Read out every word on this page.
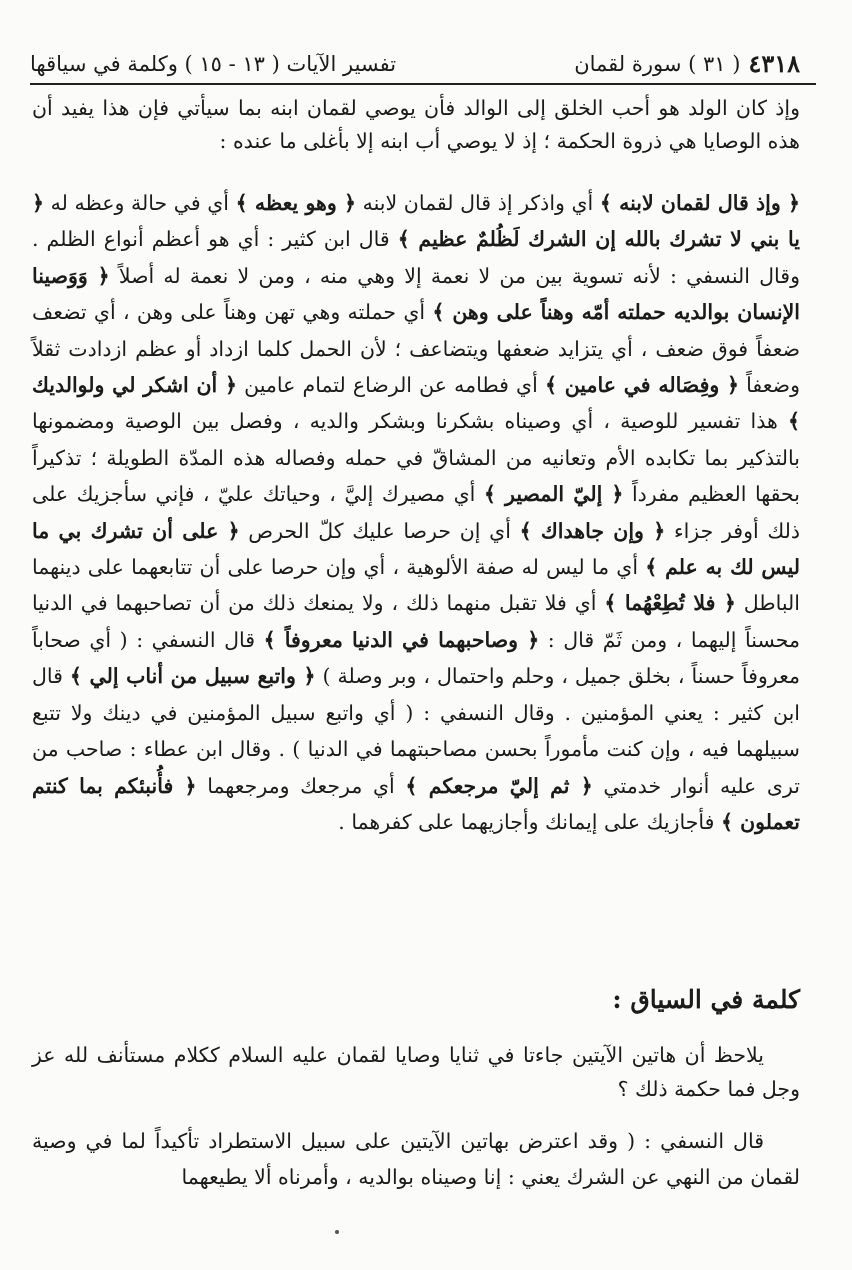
٤٣١٨
( ٣١ ) سورة لقمان
تفسير الآيات ( ١٣ - ١٥ ) وكلمة في سياقها

وإذ كان الولد هو أحب الخلق إلى الوالد فأن يوصي لقمان ابنه بما سيأتي فإن هذا يفيد أن هذه الوصايا هي ذروة الحكمة ؛ إذ لا يوصي أب ابنه إلا بأغلى ما عنده :

﴿ وإذ قال لقمان لابنه ﴾ أي واذكر إذ قال لقمان لابنه ﴿ وهو يعظه ﴾ أي في حالة وعظه له ﴿ يا بني لا تشرك بالله إن الشرك لَظُلمٌ عظيم ﴾ قال ابن كثير : أي هو أعظم أنواع الظلم . وقال النسفي : لأنه تسوية بين من لا نعمة إلا وهي منه ، ومن لا نعمة له أصلاً ﴿ وَوَصينا الإنسان بوالديه حملته أمّه وهناً على وهن ﴾ أي حملته وهي تهن وهناً على وهن ، أي تضعف ضعفاً فوق ضعف ، أي يتزايد ضعفها ويتضاعف ؛ لأن الحمل كلما ازداد أو عظم ازدادت ثقلاً وضعفاً ﴿ وفِصَاله في عامين ﴾ أي فطامه عن الرضاع لتمام عامين ﴿ أن اشكر لي ولوالديك ﴾ هذا تفسير للوصية ، أي وصيناه بشكرنا وبشكر والديه ، وفصل بين الوصية ومضمونها بالتذكير بما تكابده الأم وتعانيه من المشاقّ في حمله وفصاله هذه المدّة الطويلة ؛ تذكيراً بحقها العظيم مفرداً ﴿ إليّ المصير ﴾ أي مصيرك إليَّ ، وحياتك عليّ ، فإني سأجزيك على ذلك أوفر جزاء ﴿ وإن جاهداك ﴾ أي إن حرصا عليك كلّ الحرص ﴿ على أن تشرك بي ما ليس لك به علم ﴾ أي ما ليس له صفة الألوهية ، أي وإن حرصا على أن تتابعهما على دينهما الباطل ﴿ فلا تُطِعْهُما ﴾ أي فلا تقبل منهما ذلك ، ولا يمنعك ذلك من أن تصاحبهما في الدنيا محسناً إليهما ، ومن ثَمّ قال : ﴿ وصاحبهما في الدنيا معروفاً ﴾ قال النسفي : ( أي صحاباً معروفاً حسناً ، بخلق جميل ، وحلم واحتمال ، وبر وصلة ) ﴿ واتبع سبيل من أناب إلي ﴾ قال ابن كثير : يعني المؤمنين . وقال النسفي : ( أي واتبع سبيل المؤمنين في دينك ولا تتبع سبيلهما فيه ، وإن كنت مأموراً بحسن مصاحبتهما في الدنيا ) . وقال ابن عطاء : صاحب من ترى عليه أنوار خدمتي ﴿ ثم إليّ مرجعكم ﴾ أي مرجعك ومرجعهما ﴿ فأُنبئكم بما كنتم تعملون ﴾ فأجازيك على إيمانك وأجازيهما على كفرهما .

كلمة في السياق :

يلاحظ أن هاتين الآيتين جاءتا في ثنايا وصايا لقمان عليه السلام ككلام مستأنف لله عز وجل فما حكمة ذلك ؟

قال النسفي : ( وقد اعترض بهاتين الآيتين على سبيل الاستطراد تأكيداً لما في وصية لقمان من النهي عن الشرك يعني : إنا وصيناه بوالديه ، وأمرناه ألا يطيعهما
